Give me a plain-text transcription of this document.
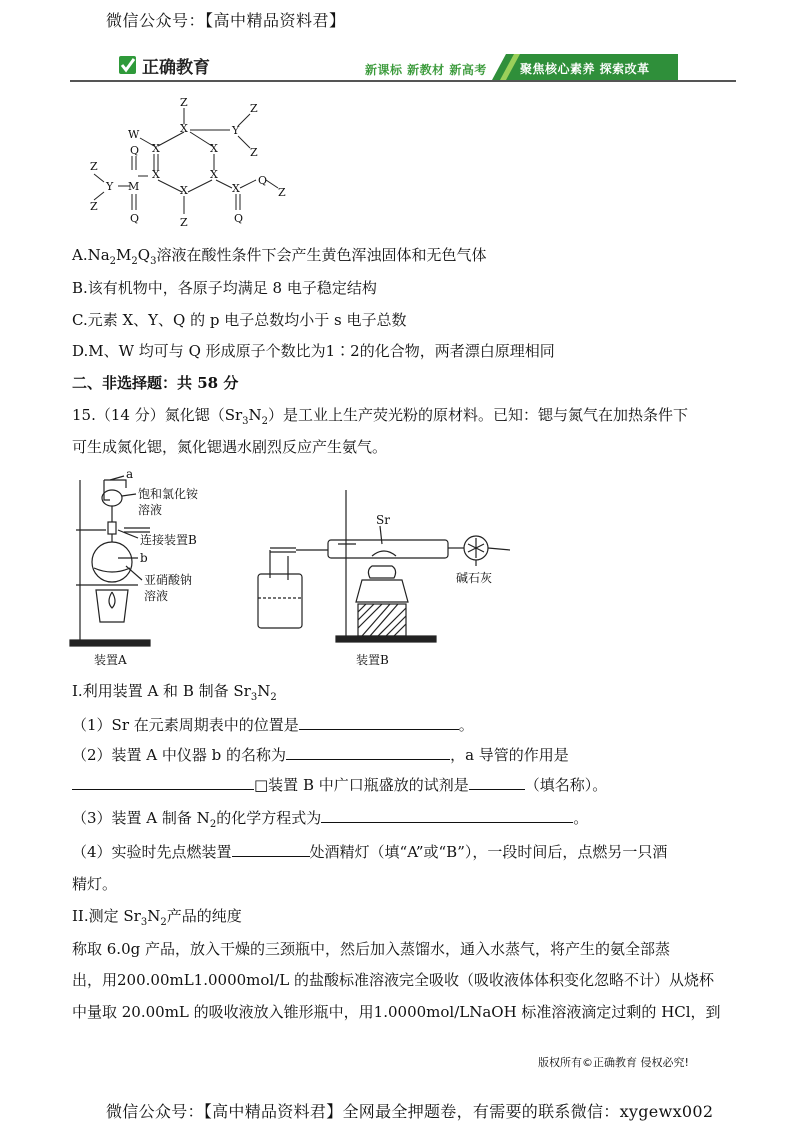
微信公众号：【高中精品资料君】
正确教育	新课标 新教材 新高考	聚焦核心素养 探索改革
Z
X	Y
Z
Z
W
X	X
Z
Q
Y M
X	X
X
Q
Z
Z
Q
Z
X
Q
$A.Na_2M_2Q_3$溶液在酸性条件下会产生黄色浑浊固体和无色气体
B.该有机物中，各原子均满足 8 电子稳定结构
C.元素 X、Y、Q 的 p 电子总数均小于 s 电子总数
D.M、W 均可与 Q 形成原子个数比为1∶2的化合物，两者漂白原理相同
二、非选择题：共 58 分
15.（14 分）氮化锶$(Sr_3N_2)$是工业上生产荧光粉的原材料。已知：锶与氮气在加热条件下
可生成氮化锶，氮化锶遇水剧烈反应产生氨气。
a
饱和氯化铵
溶液
连接装置B
b
亚硝酸钠
溶液
Sr
碱石灰
装置A	装置B
I.利用装置 A 和 B 制备 $Sr_3N_2$
（1）Sr 在元素周期表中的位置是	。
（2）装置 A 中仪器 b 的名称为	，a 导管的作用是
□装置 B 中广口瓶盛放的试剂是	（填名称）。
（3）装置 A 制备 $N_2$的化学方程式为	。
（4）实验时先点燃装置	处酒精灯（填“A”或“B”），一段时间后，点燃另一只酒
精灯。
II.测定 $Sr_3N_2$产品的纯度
称取 6.0g 产品，放入干燥的三颈瓶中，然后加入蒸馏水，通入水蒸气，将产生的氨全部蒸
出，用200.00mL1.0000mol/L 的盐酸标准溶液完全吸收（吸收液体体积变化忽略不计）从烧杯
中量取 20.00mL 的吸收液放入锥形瓶中，用1.0000mol/LNaOH 标准溶液滴定过剩的 HCl，到
版权所有©正确教育 侵权必究!
微信公众号：【高中精品资料君】全网最全押题卷，有需要的联系微信：xygewx002
